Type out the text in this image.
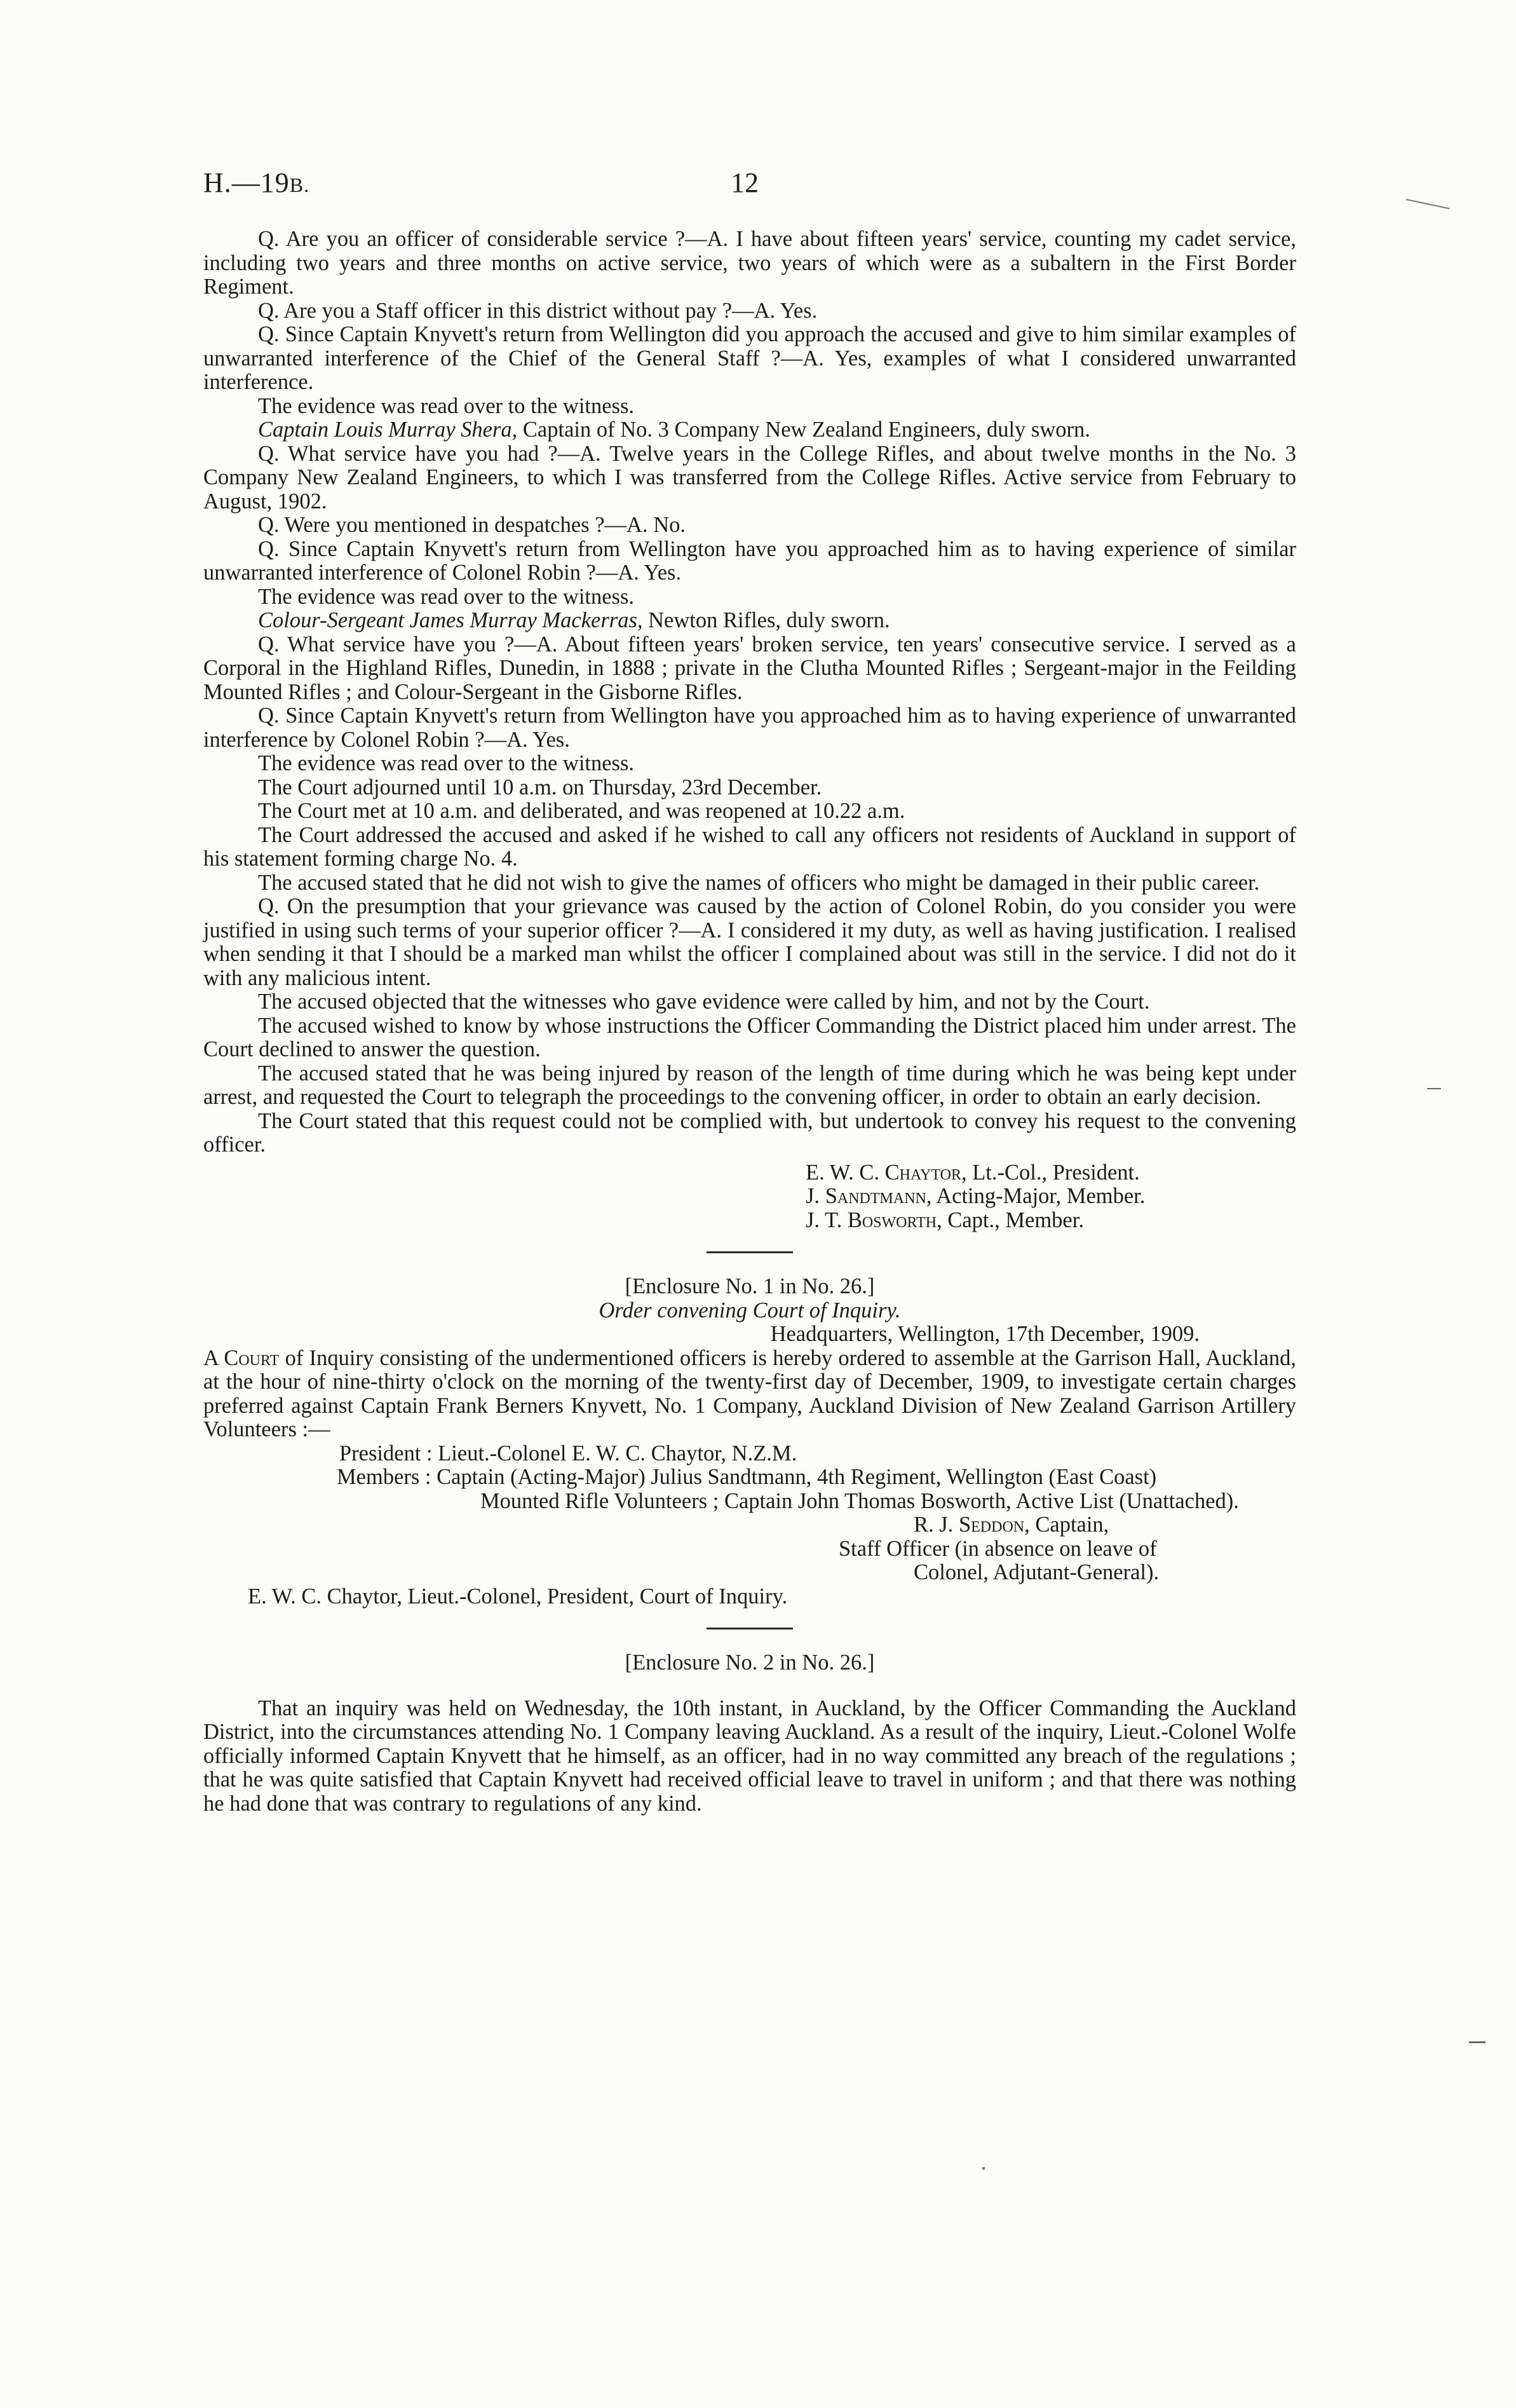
H.—19B.	12

Q. Are you an officer of considerable service ?—A. I have about fifteen years' service, counting my cadet service, including two years and three months on active service, two years of which were as a subaltern in the First Border Regiment.

Q. Are you a Staff officer in this district without pay ?—A. Yes.

Q. Since Captain Knyvett's return from Wellington did you approach the accused and give to him similar examples of unwarranted interference of the Chief of the General Staff ?—A. Yes, examples of what I considered unwarranted interference.

The evidence was read over to the witness.

Captain Louis Murray Shera, Captain of No. 3 Company New Zealand Engineers, duly sworn.

Q. What service have you had ?—A. Twelve years in the College Rifles, and about twelve months in the No. 3 Company New Zealand Engineers, to which I was transferred from the College Rifles. Active service from February to August, 1902.

Q. Were you mentioned in despatches ?—A. No.

Q. Since Captain Knyvett's return from Wellington have you approached him as to having experience of similar unwarranted interference of Colonel Robin ?—A. Yes.

The evidence was read over to the witness.

Colour-Sergeant James Murray Mackerras, Newton Rifles, duly sworn.

Q. What service have you ?—A. About fifteen years' broken service, ten years' consecutive service. I served as a Corporal in the Highland Rifles, Dunedin, in 1888 ; private in the Clutha Mounted Rifles ; Sergeant-major in the Feilding Mounted Rifles ; and Colour-Sergeant in the Gisborne Rifles.

Q. Since Captain Knyvett's return from Wellington have you approached him as to having experience of unwarranted interference by Colonel Robin ?—A. Yes.

The evidence was read over to the witness.

The Court adjourned until 10 a.m. on Thursday, 23rd December.

The Court met at 10 a.m. and deliberated, and was reopened at 10.22 a.m.

The Court addressed the accused and asked if he wished to call any officers not residents of Auckland in support of his statement forming charge No. 4.

The accused stated that he did not wish to give the names of officers who might be damaged in their public career.

Q. On the presumption that your grievance was caused by the action of Colonel Robin, do you consider you were justified in using such terms of your superior officer ?—A. I considered it my duty, as well as having justification. I realised when sending it that I should be a marked man whilst the officer I complained about was still in the service. I did not do it with any malicious intent.

The accused objected that the witnesses who gave evidence were called by him, and not by the Court.

The accused wished to know by whose instructions the Officer Commanding the District placed him under arrest. The Court declined to answer the question.

The accused stated that he was being injured by reason of the length of time during which he was being kept under arrest, and requested the Court to telegraph the proceedings to the convening officer, in order to obtain an early decision.

The Court stated that this request could not be complied with, but undertook to convey his request to the convening officer.

E. W. C. Chaytor, Lt.-Col., President.
J. Sandtmann, Acting-Major, Member.
J. T. Bosworth, Capt., Member.
[Enclosure No. 1 in No. 26.]
Order convening Court of Inquiry.
Headquarters, Wellington, 17th December, 1909.

A Court of Inquiry consisting of the undermentioned officers is hereby ordered to assemble at the Garrison Hall, Auckland, at the hour of nine-thirty o'clock on the morning of the twenty-first day of December, 1909, to investigate certain charges preferred against Captain Frank Berners Knyvett, No. 1 Company, Auckland Division of New Zealand Garrison Artillery Volunteers :—

President : Lieut.-Colonel E. W. C. Chaytor, N.Z.M.
Members : Captain (Acting-Major) Julius Sandtmann, 4th Regiment, Wellington (East Coast)
Mounted Rifle Volunteers ; Captain John Thomas Bosworth, Active List (Unattached).
R. J. Seddon, Captain,
Staff Officer (in absence on leave of
Colonel, Adjutant-General).
E. W. C. Chaytor, Lieut.-Colonel, President, Court of Inquiry.
[Enclosure No. 2 in No. 26.]

That an inquiry was held on Wednesday, the 10th instant, in Auckland, by the Officer Commanding the Auckland District, into the circumstances attending No. 1 Company leaving Auckland. As a result of the inquiry, Lieut.-Colonel Wolfe officially informed Captain Knyvett that he himself, as an officer, had in no way committed any breach of the regulations ; that he was quite satisfied that Captain Knyvett had received official leave to travel in uniform ; and that there was nothing he had done that was contrary to regulations of any kind.
